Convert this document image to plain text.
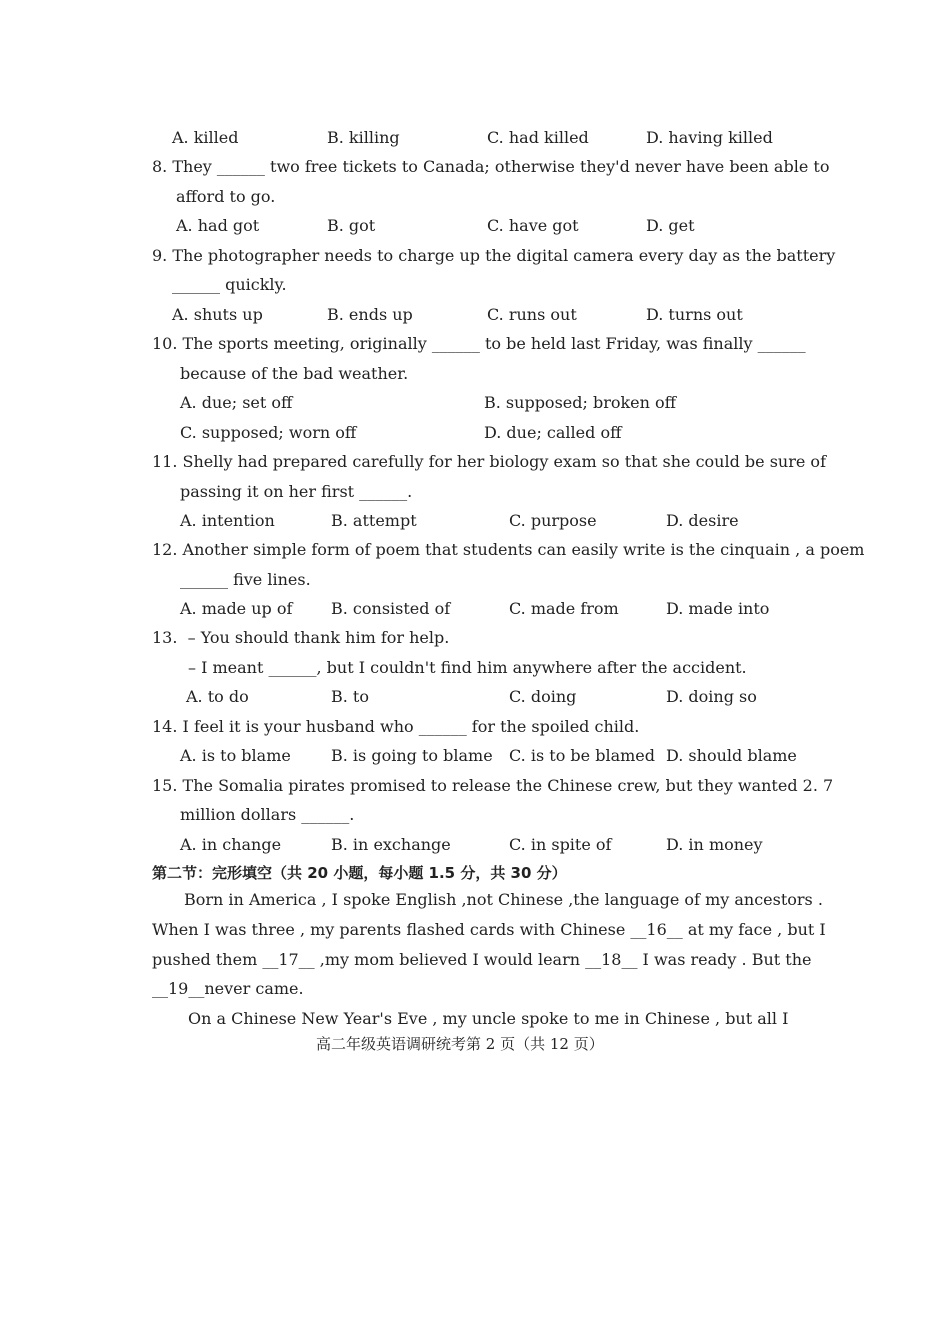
A. killed	B. killing	C. had killed	D. having killed
8. They ______ two free tickets to Canada; otherwise they'd never have been able to
afford to go.
A. had got	B. got	C. have got	D. get
9. The photographer needs to charge up the digital camera every day as the battery
______ quickly.
A. shuts up	B. ends up	C. runs out	D. turns out
10. The sports meeting, originally ______ to be held last Friday, was finally ______
because of the bad weather.
A. due; set off	B. supposed; broken off
C. supposed; worn off	D. due; called off
11. Shelly had prepared carefully for her biology exam so that she could be sure of
passing it on her first ______.
A. intention	B. attempt	C. purpose	D. desire
12. Another simple form of poem that students can easily write is the cinquain , a poem
______ five lines.
A. made up of B. consisted of	C. made from	D. made into
13.  – You should thank him for help.
– I meant ______, but I couldn't find him anywhere after the accident.
A. to do	B. to	C. doing	D. doing so
14. I feel it is your husband who ______ for the spoiled child.
A. is to blame	B. is going to blame C. is to be blamed D. should blame
15. The Somalia pirates promised to release the Chinese crew, but they wanted 2. 7
million dollars ______.
A. in change	B. in exchange	C. in spite of	D. in money
第二节：完形填空（共 20 小题，每小题 1.5 分，共 30 分）
Born in America , I spoke English ,not Chinese ,the language of my ancestors .
When I was three , my parents flashed cards with Chinese __16__ at my face , but I
pushed them __17__ ,my mom believed I would learn __18__ I was ready . But the
__19__never came.
On a Chinese New Year's Eve , my uncle spoke to me in Chinese , but all I
高二年级英语调研统考第 2 页（共 12 页）
